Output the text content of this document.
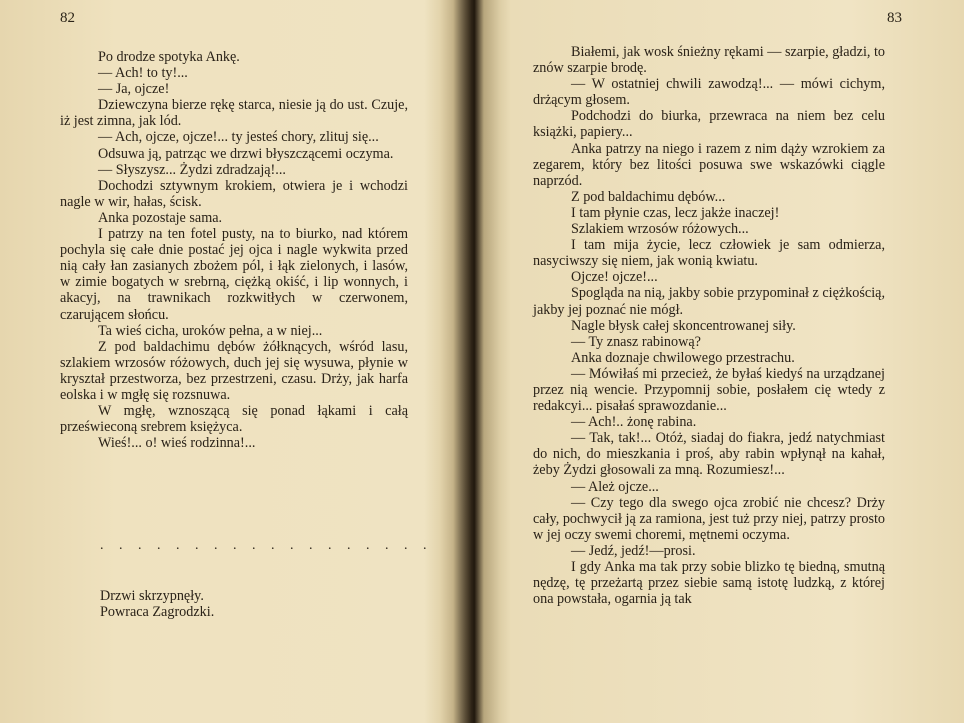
82

Po drodze spotyka Ankę.

— Ach! to ty!...

— Ja, ojcze!

Dziewczyna bierze rękę starca, niesie ją do ust. Czuje, iż jest zimna, jak lód.

— Ach, ojcze, ojcze!... ty jesteś chory, zlituj się...

Odsuwa ją, patrząc we drzwi błyszczącemi oczyma.

— Słyszysz... Żydzi zdradzają!...

Dochodzi sztywnym krokiem, otwiera je i wchodzi nagle w wir, hałas, ścisk.

Anka pozostaje sama.

I patrzy na ten fotel pusty, na to biurko, nad którem pochyla się całe dnie postać jej ojca i nagle wykwita przed nią cały łan zasianych zbożem pól, i łąk zielonych, i lasów, w zimie bogatych w srebrną, ciężką okiść, i lip wonnych, i akacyj, na trawnikach rozkwitłych w czerwonem, czarującem słońcu.

Ta wieś cicha, uroków pełna, a w niej...

Z pod baldachimu dębów żółknących, wśród lasu, szlakiem wrzosów różowych, duch jej się wysuwa, płynie w kryształ przestworza, bez przestrzeni, czasu. Drży, jak harfa eolska i w mgłę się rozsnuwa.

W mgłę, wznoszącą się ponad łąkami i całą prześwieconą srebrem księżyca.

Wieś!... o! wieś rodzinna!...

. . . . . . . . . . . . . . . . . .

Drzwi skrzypnęły.

Powraca Zagrodzki.

83

Białemi, jak wosk śnieżny rękami — szarpie, gładzi, to znów szarpie brodę.

— W ostatniej chwili zawodzą!... — mówi cichym, drżącym głosem.

Podchodzi do biurka, przewraca na niem bez celu książki, papiery...

Anka patrzy na niego i razem z nim dąży wzrokiem za zegarem, który bez litości posuwa swe wskazówki ciągle naprzód.

Z pod baldachimu dębów...

I tam płynie czas, lecz jakże inaczej!

Szlakiem wrzosów różowych...

I tam mija życie, lecz człowiek je sam odmierza, nasyciwszy się niem, jak wonią kwiatu.

Ojcze! ojcze!...

Spogląda na nią, jakby sobie przypominał z ciężkością, jakby jej poznać nie mógł.

Nagle błysk całej skoncentrowanej siły.

— Ty znasz rabinową?

Anka doznaje chwilowego przestrachu.

— Mówiłaś mi przecież, że byłaś kiedyś na urządzanej przez nią wencie. Przypomnij sobie, posłałem cię wtedy z redakcyi... pisałaś sprawozdanie...

— Ach!.. żonę rabina.

— Tak, tak!... Otóż, siadaj do fiakra, jedź natychmiast do nich, do mieszkania i proś, aby rabin wpłynął na kahał, żeby Żydzi głosowali za mną. Rozumiesz!...

— Ależ ojcze...

— Czy tego dla swego ojca zrobić nie chcesz? Drży cały, pochwycił ją za ramiona, jest tuż przy niej, patrzy prosto w jej oczy swemi choremi, mętnemi oczyma.

— Jedź, jedź!—prosi.

I gdy Anka ma tak przy sobie blizko tę biedną, smutną nędzę, tę przeżartą przez siebie samą istotę ludzką, z której ona powstała, ogarnia ją tak
